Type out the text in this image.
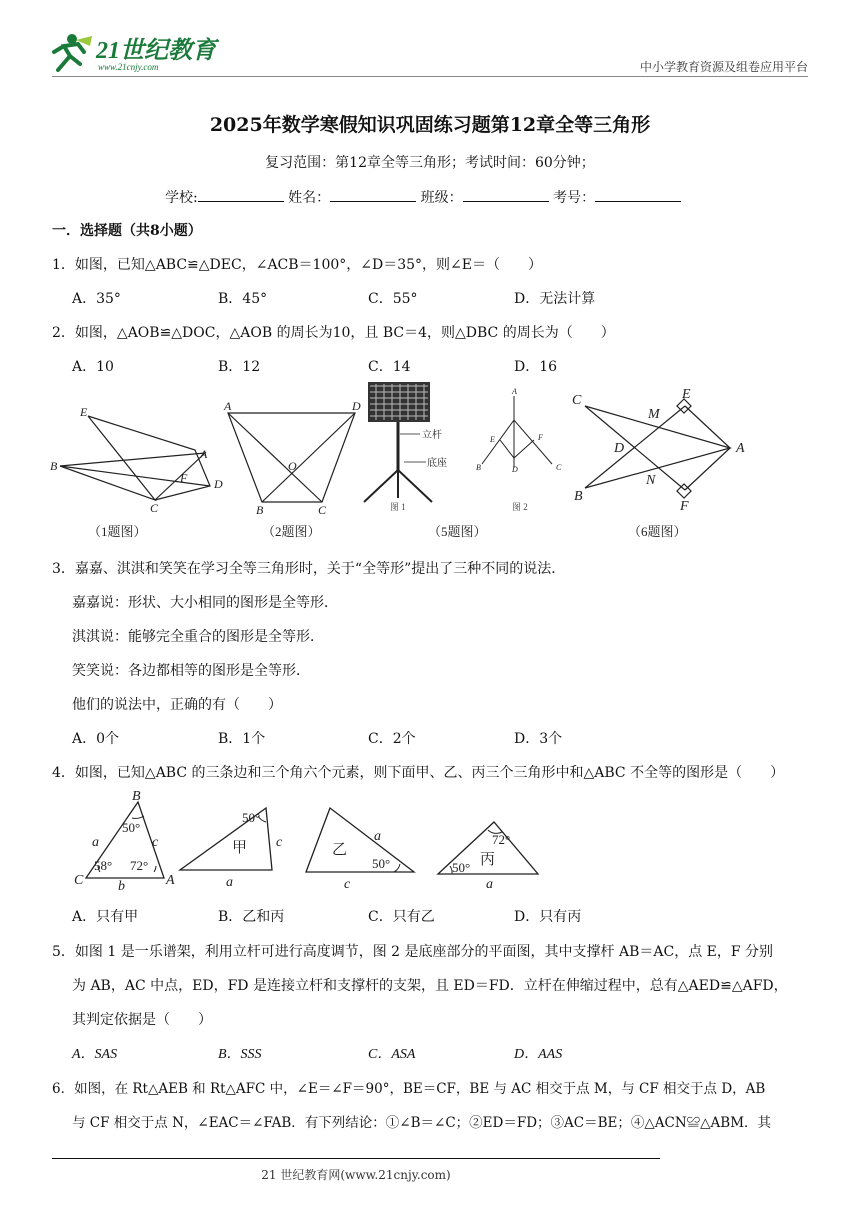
21世纪教育
www.21cnjy.com	中小学教育资源及组卷应用平台
2025年数学寒假知识巩固练习题第12章全等三角形
复习范围：第12章全等三角形；考试时间：60分钟；
学校:	姓名：	班级：	考号：
一．选择题（共8小题）
1．如图，已知△ABC≌△DEC，∠ACB＝100°，∠D＝35°，则∠E＝（　　）
A．35°	B．45°	C．55°	D．无法计算
2．如图，△AOB≌△DOC，△AOB 的周长为10，且 BC＝4，则△DBC 的周长为（　　）
A．10	B．12	C．14	D．16
E
B
A
F D
C
A	D
O
B	C
立杆
底座
图 1
A
E	F
B	D	C
图 2
C	E
M
D	A
N
B
F
（1题图）	（2题图）	（5题图）	（6题图）
3．嘉嘉、淇淇和笑笑在学习全等三角形时，关于“全等形”提出了三种不同的说法．
嘉嘉说：形状、大小相同的图形是全等形．
淇淇说：能够完全重合的图形是全等形．
笑笑说：各边都相等的图形是全等形．
他们的说法中，正确的有（　　）
A．0个	B．1个	C．2个	D．3个
4．如图，已知△ABC 的三条边和三个角六个元素，则下面甲、乙、丙三个三角形中和△ABC 不全等的图形是（　　）
B
C	A
a	c
b
50°
58° 72°
50°
甲 c
a
50°
乙
a
c
72°
50° 丙
a
A．只有甲	B．乙和丙	C．只有乙	D．只有丙
5．如图 1 是一乐谱架，利用立杆可进行高度调节，图 2 是底座部分的平面图，其中支撑杆 AB＝AC，点 E，F 分别
为 AB，AC 中点，ED，FD 是连接立杆和支撑杆的支架，且 ED＝FD．立杆在伸缩过程中，总有△AED≌△AFD，
其判定依据是（　　）
A．SAS	B．SSS	C．ASA	D．AAS
6．如图，在 Rt△AEB 和 Rt△AFC 中，∠E＝∠F＝90°，BE＝CF，BE 与 AC 相交于点 M，与 CF 相交于点 D，AB
与 CF 相交于点 N，∠EAC＝∠FAB．有下列结论：①∠B＝∠C；②ED＝FD；③AC＝BE；④△ACN≌△ABM．其
21 世纪教育网(www.21cnjy.com)
